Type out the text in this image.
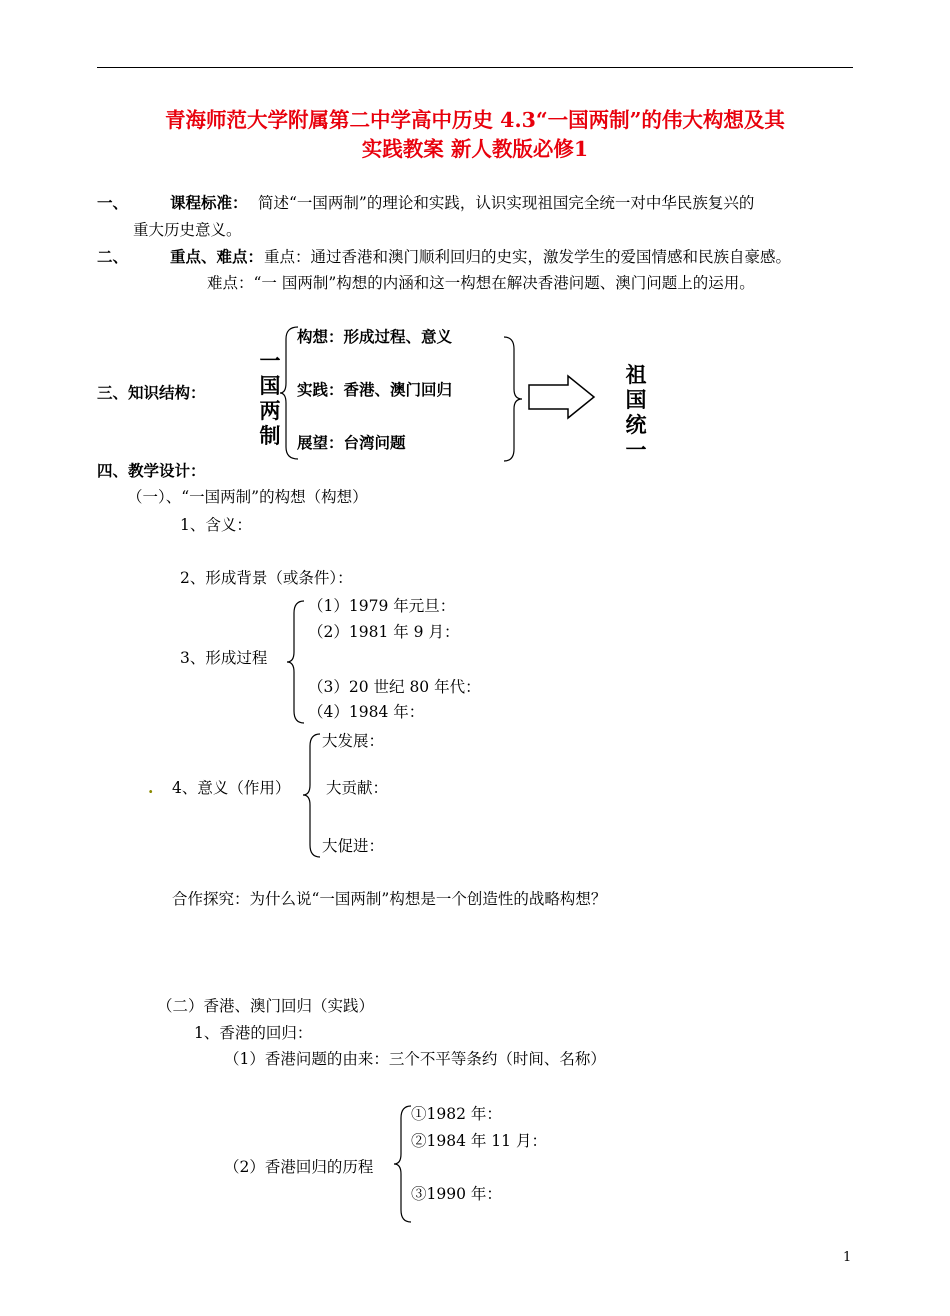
青海师范大学附属第二中学高中历史 4.3“一国两制”的伟大构想及其
实践教案 新人教版必修1
一、	课程标准： 简述“一国两制”的理论和实践，认识实现祖国完全统一对中华民族复兴的
重大历史意义。
二、	重点、难点： 重点：通过香港和澳门顺利回归的史实，激发学生的爱国情感和民族自豪感。
难点：“一 国两制”构想的内涵和这一构想在解决香港问题、澳门问题上的运用。
三、知识结构：
一
国
两
制
构想：形成过程、意义
实践：香港、澳门回归
展望：台湾问题
祖
国
统
一
四、教学设计：
（一）、“一国两制”的构想（构想）
1、含义：
2、形成背景（或条件）：
3、形成过程
（1）1979 年元旦：
（2）1981 年 9 月：
（3）20 世纪 80 年代：
（4）1984 年：
. 4、意义（作用）
大发展：
大贡献：
大促进：
合作探究：为什么说“一国两制”构想是一个创造性的战略构想？
（二）香港、澳门回归（实践）
1、香港的回归：
（1）香港问题的由来：三个不平等条约（时间、名称）
（2）香港回归的历程
①1982 年：
②1984 年 11 月：
③1990 年：
1
